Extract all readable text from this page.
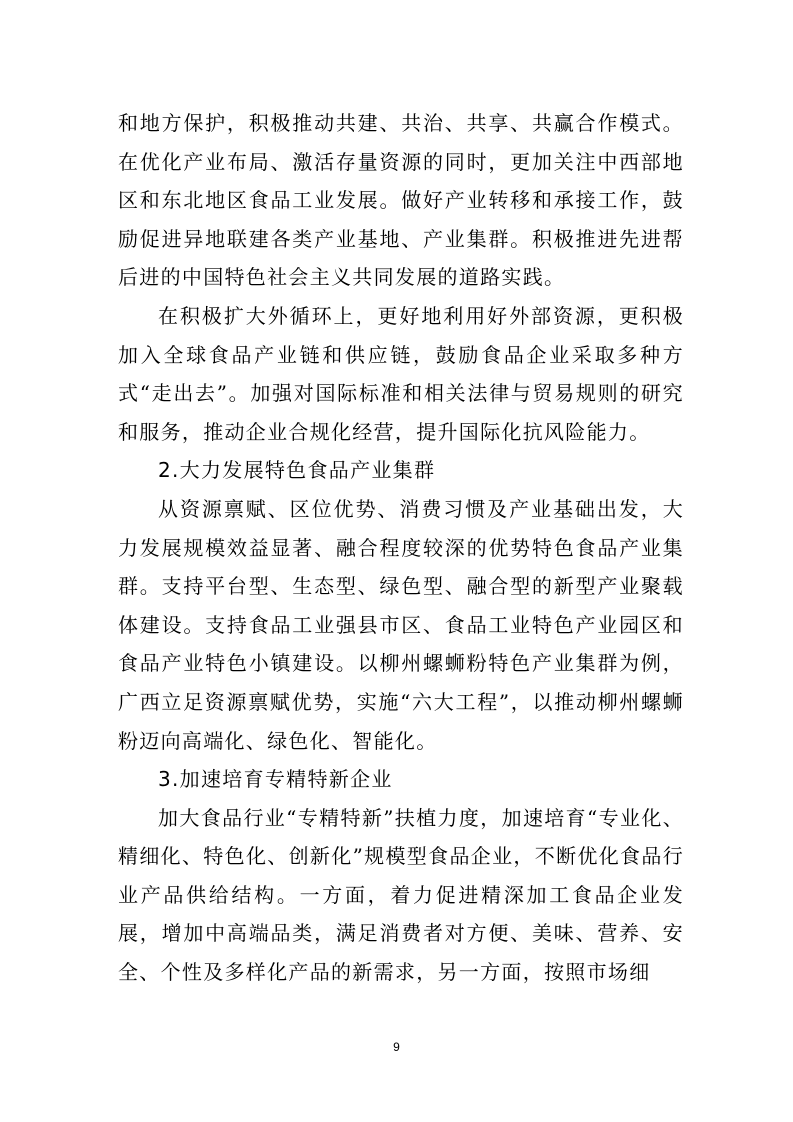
和地方保护，积极推动共建、共治、共享、共赢合作模式。在优化产业布局、激活存量资源的同时，更加关注中西部地区和东北地区食品工业发展。做好产业转移和承接工作，鼓励促进异地联建各类产业基地、产业集群。积极推进先进帮后进的中国特色社会主义共同发展的道路实践。

在积极扩大外循环上，更好地利用好外部资源，更积极加入全球食品产业链和供应链，鼓励食品企业采取多种方式“走出去”。加强对国际标准和相关法律与贸易规则的研究和服务，推动企业合规化经营，提升国际化抗风险能力。

2.大力发展特色食品产业集群

从资源禀赋、区位优势、消费习惯及产业基础出发，大力发展规模效益显著、融合程度较深的优势特色食品产业集群。支持平台型、生态型、绿色型、融合型的新型产业聚载体建设。支持食品工业强县市区、食品工业特色产业园区和食品产业特色小镇建设。以柳州螺蛳粉特色产业集群为例，广西立足资源禀赋优势，实施“六大工程”，以推动柳州螺蛳粉迈向高端化、绿色化、智能化。

3.加速培育专精特新企业

加大食品行业“专精特新”扶植力度，加速培育“专业化、精细化、特色化、创新化”规模型食品企业，不断优化食品行业产品供给结构。一方面，着力促进精深加工食品企业发展，增加中高端品类，满足消费者对方便、美味、营养、安全、个性及多样化产品的新需求，另一方面，按照市场细

9
